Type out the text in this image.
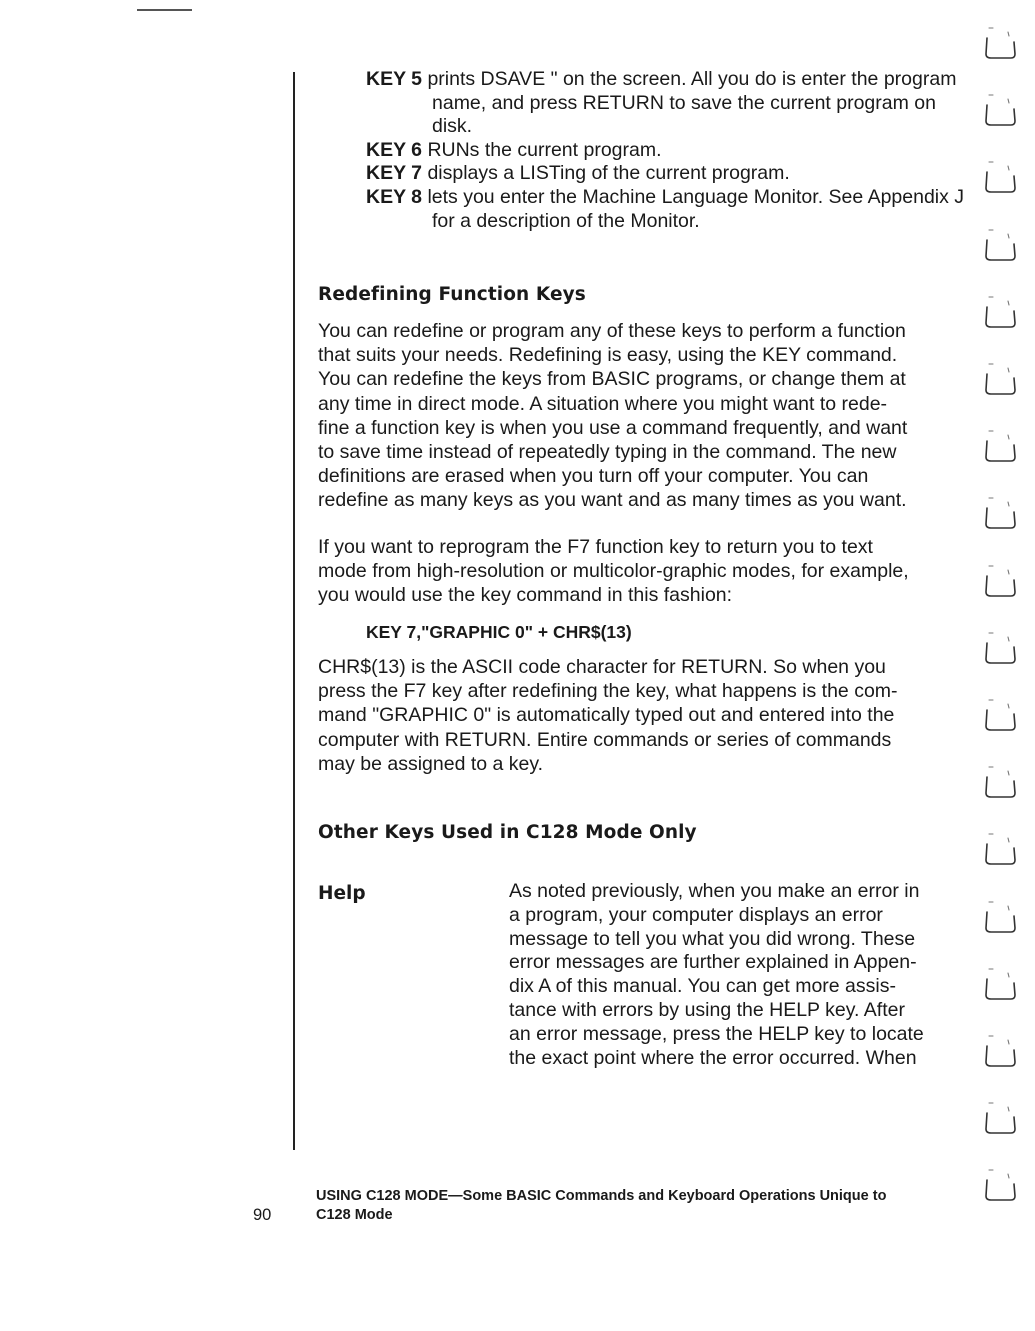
KEY 5 prints DSAVE " on the screen. All you do is enter the program name, and press RETURN to save the current program on disk.
KEY 6 RUNs the current program.
KEY 7 displays a LISTing of the current program.
KEY 8 lets you enter the Machine Language Monitor. See Appendix J for a description of the Monitor.
Redefining Function Keys

You can redefine or program any of these keys to perform a function
that suits your needs. Redefining is easy, using the KEY command.
You can redefine the keys from BASIC programs, or change them at
any time in direct mode. A situation where you might want to rede-
fine a function key is when you use a command frequently, and want
to save time instead of repeatedly typing in the command. The new
definitions are erased when you turn off your computer. You can
redefine as many keys as you want and as many times as you want.

If you want to reprogram the F7 function key to return you to text
mode from high-resolution or multicolor-graphic modes, for example,
you would use the key command in this fashion:

KEY 7,"GRAPHIC 0" + CHR$(13)

CHR$(13) is the ASCII code character for RETURN. So when you
press the F7 key after redefining the key, what happens is the com-
mand "GRAPHIC 0" is automatically typed out and entered into the
computer with RETURN. Entire commands or series of commands
may be assigned to a key.

Other Keys Used in C128 Mode Only
Help	As noted previously, when you make an error in
a program, your computer displays an error
message to tell you what you did wrong. These
error messages are further explained in Appen-
dix A of this manual. You can get more assis-
tance with errors by using the HELP key. After
an error message, press the HELP key to locate
the exact point where the error occurred. When

USING C128 MODE—Some BASIC Commands and Keyboard Operations Unique to
C128 Mode

90
